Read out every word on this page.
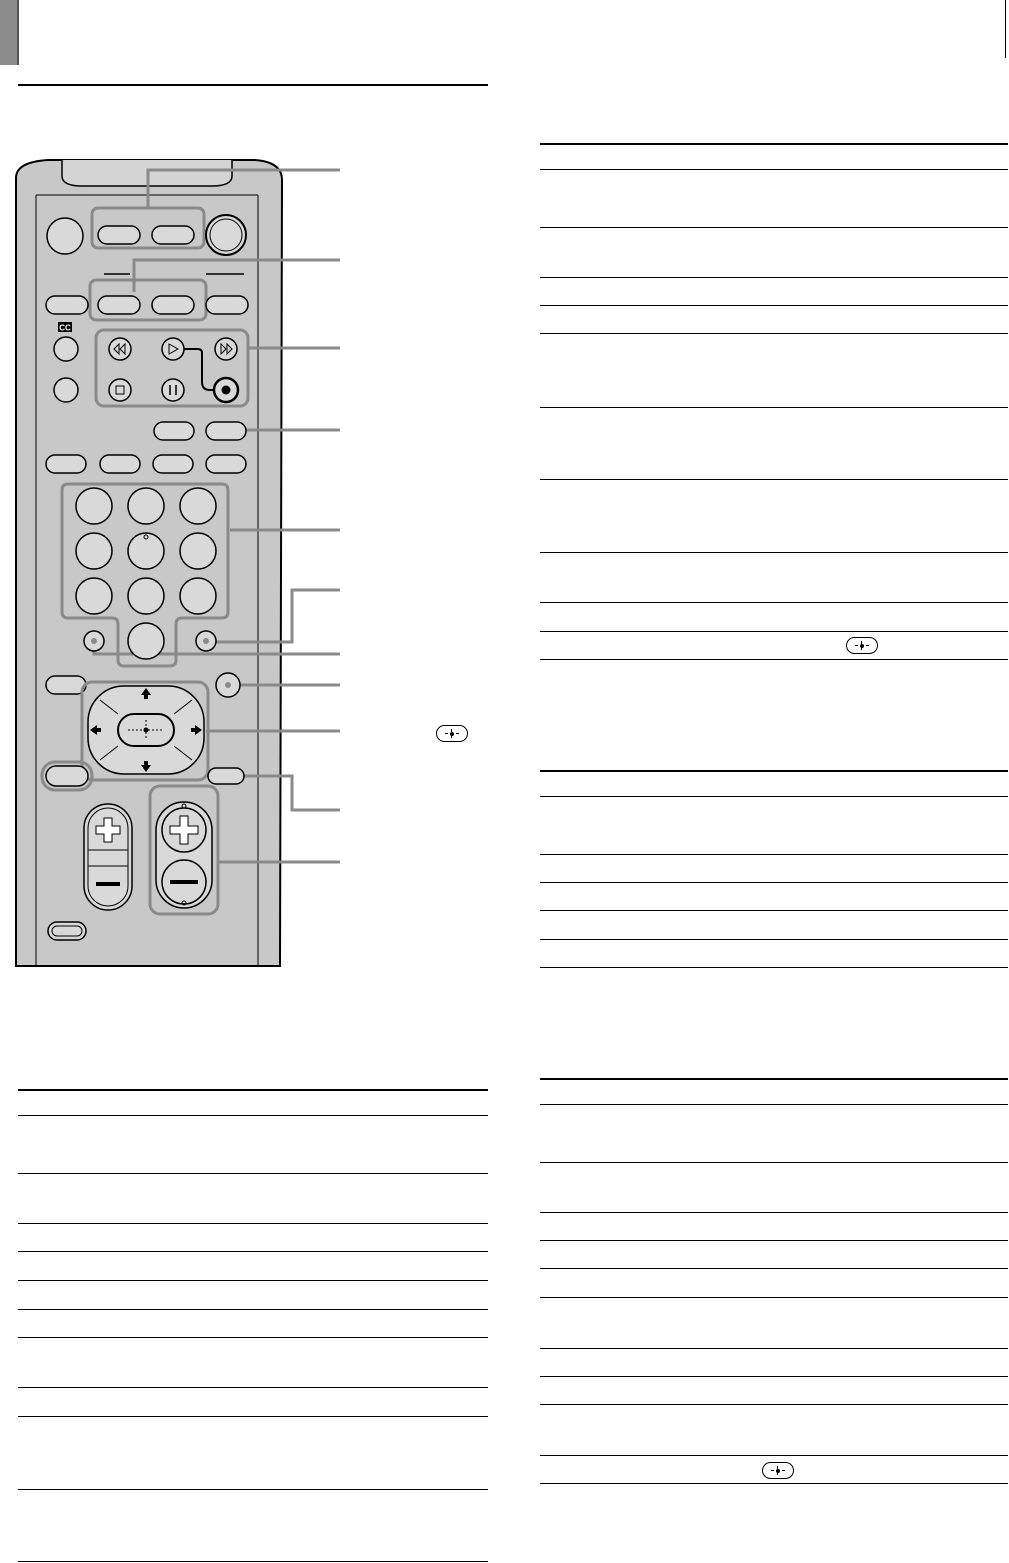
CC
